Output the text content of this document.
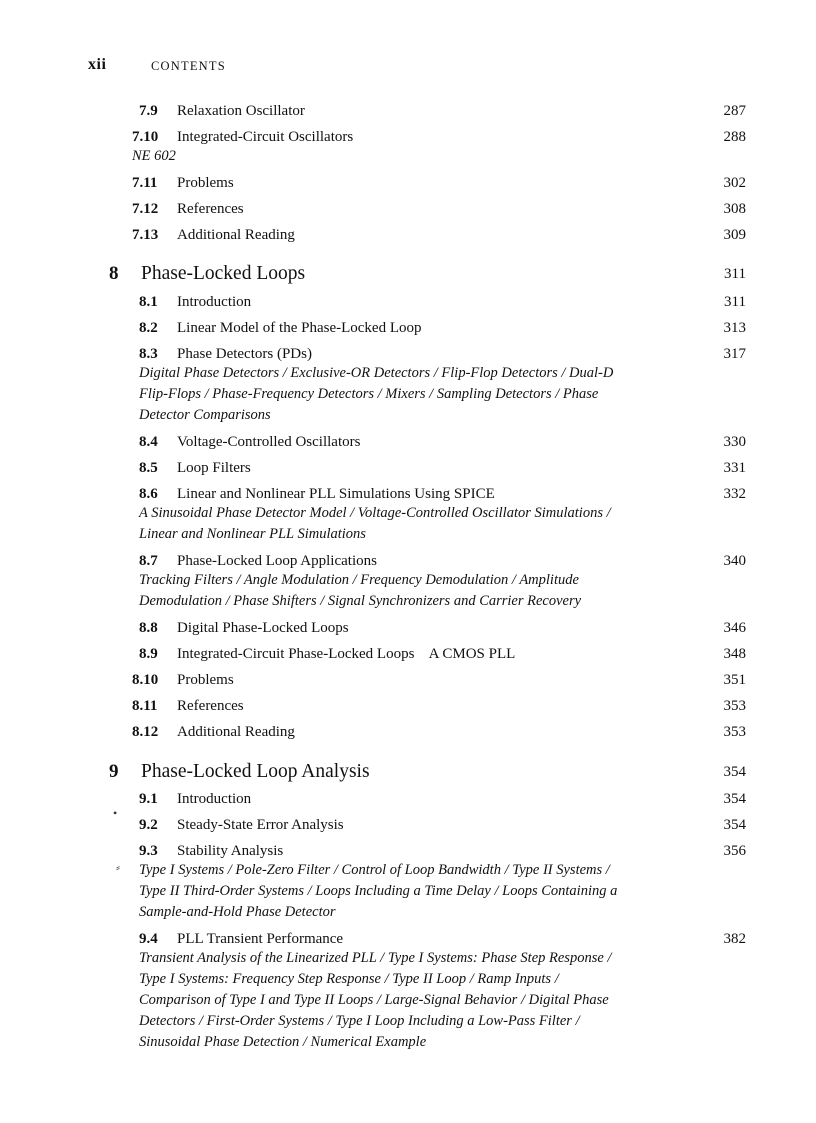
xii	CONTENTS
7.9 Relaxation Oscillator	287
7.10 Integrated-Circuit Oscillators	288
NE 602
7.11 Problems	302
7.12 References	308
7.13 Additional Reading	309
8 Phase-Locked Loops	311
8.1 Introduction	311
8.2 Linear Model of the Phase-Locked Loop	313
8.3 Phase Detectors (PDs)	317
Digital Phase Detectors / Exclusive-OR Detectors / Flip-Flop Detectors / Dual-D
Flip-Flops / Phase-Frequency Detectors / Mixers / Sampling Detectors / Phase
Detector Comparisons
8.4 Voltage-Controlled Oscillators	330
8.5 Loop Filters	331
8.6 Linear and Nonlinear PLL Simulations Using SPICE	332
A Sinusoidal Phase Detector Model / Voltage-Controlled Oscillator Simulations /
Linear and Nonlinear PLL Simulations
8.7 Phase-Locked Loop Applications	340
Tracking Filters / Angle Modulation / Frequency Demodulation / Amplitude
Demodulation / Phase Shifters / Signal Synchronizers and Carrier Recovery
8.8 Digital Phase-Locked Loops	346
8.9 Integrated-Circuit Phase-Locked Loops    A CMOS PLL	348
8.10 Problems	351
8.11 References	353
8.12 Additional Reading	353
9 Phase-Locked Loop Analysis	354
9.1 Introduction	354
9.2 Steady-State Error Analysis	354
9.3 Stability Analysis	356
Type I Systems / Pole-Zero Filter / Control of Loop Bandwidth / Type II Systems /
Type II Third-Order Systems / Loops Including a Time Delay / Loops Containing a
Sample-and-Hold Phase Detector
9.4 PLL Transient Performance	382
Transient Analysis of the Linearized PLL / Type I Systems: Phase Step Response /
Type I Systems: Frequency Step Response / Type II Loop / Ramp Inputs /
Comparison of Type I and Type II Loops / Large-Signal Behavior / Digital Phase
Detectors / First-Order Systems / Type I Loop Including a Low-Pass Filter /
Sinusoidal Phase Detection / Numerical Example
•
⸗
